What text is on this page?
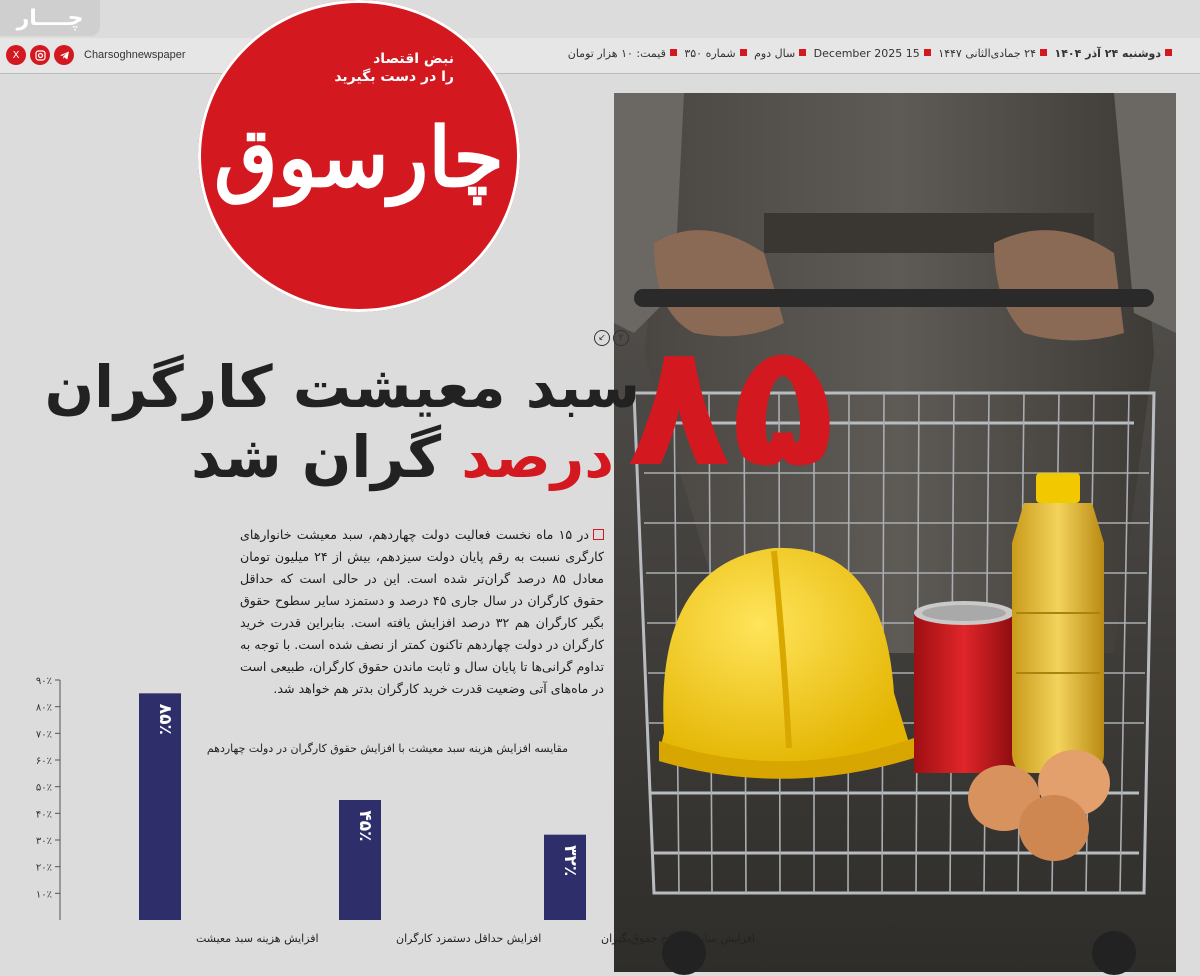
چــــار
دوشنبه ۲۴ آذر ۱۴۰۴ ۲۴ جمادی‌الثانی ۱۴۴۷ 15 December 2025 سال دوم شماره ۳۵۰ قیمت: ۱۰ هزار تومان
X	Charsoghnewspaper	نبض اقتصاد
را در دست بگیرید
چارسوق
۸۵
↙	۲
سبد معیشت کارگران
درصد گران شد
در ۱۵ ماه نخست فعالیت دولت چهاردهم، سبد معیشت خانوارهای کارگری نسبت به رقم پایان دولت سیزدهم، بیش از ۲۴ میلیون تومان معادل ۸۵ درصد گران‌تر شده است. این در حالی است که حداقل حقوق کارگران در سال جاری ۴۵ درصد و دستمزد سایر سطوح حقوق بگیر کارگران هم ۳۲ درصد افزایش یافته است. بنابراین قدرت خرید کارگران در دولت چهاردهم تاکنون کمتر از نصف شده است. با توجه به تداوم گرانی‌ها تا پایان سال و ثابت ماندن حقوق کارگران، طبیعی است در ماه‌های آتی وضعیت قدرت خرید کارگران بدتر هم خواهد شد.
۱۰٪
۲۰٪
۳۰٪
۴۰٪
۵۰٪
۶۰٪
۷۰٪
۸۰٪
۹۰٪
۸۵٪
افزایش هزینه سبد معیشت
۴۵٪
افزایش حداقل دستمزد کارگران
۳۲٪
افزایش سایر سطوح حقوق‌بگیران
مقایسه افزایش هزینه سبد معیشت با افزایش حقوق کارگران در دولت چهاردهم
